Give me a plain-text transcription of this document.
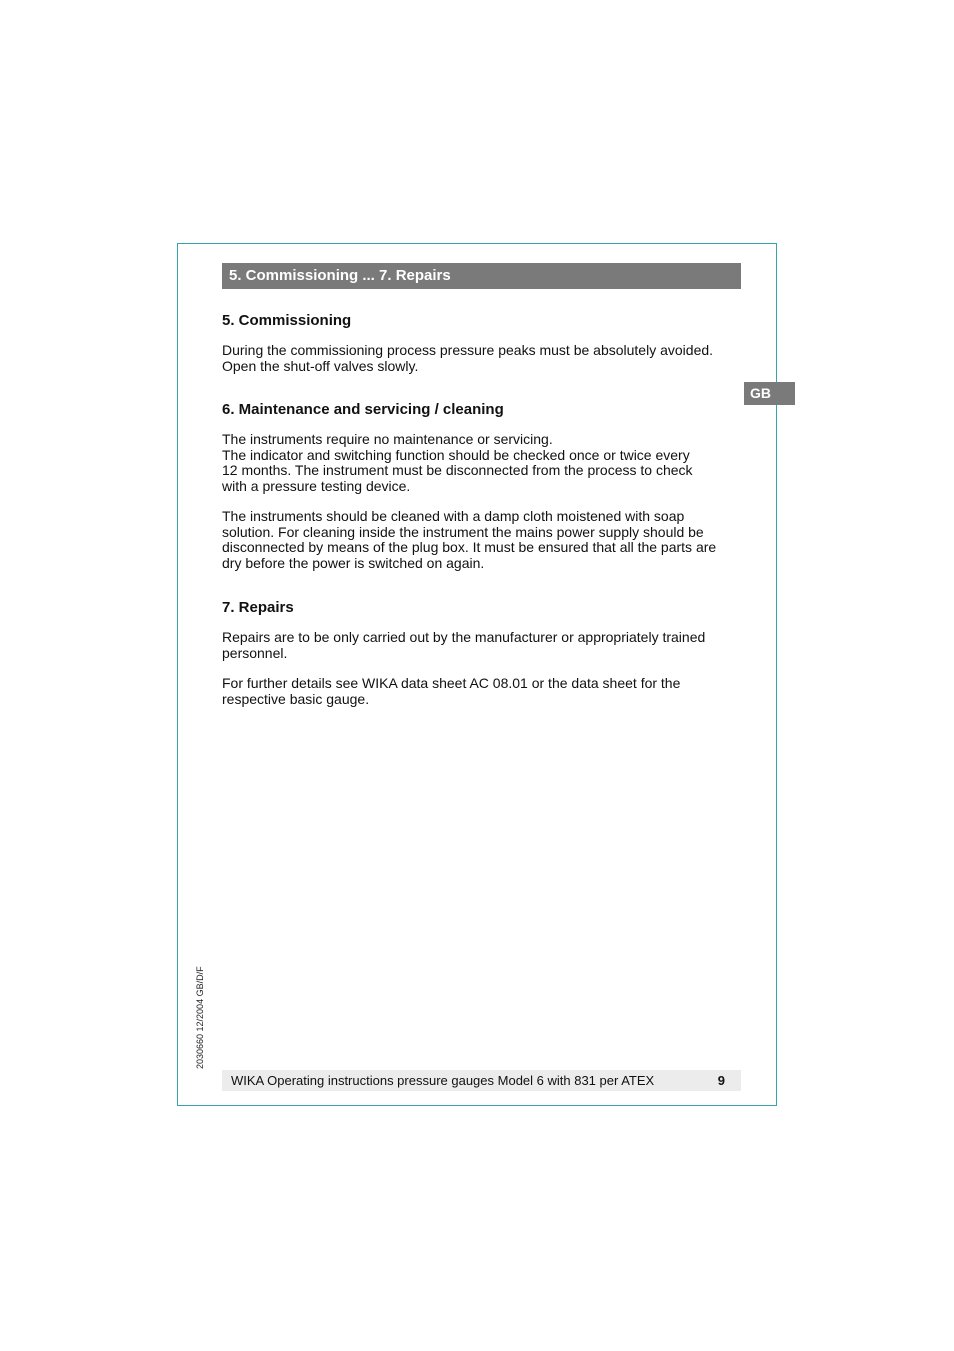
5. Commissioning ... 7. Repairs
GB
5. Commissioning

During the commissioning process pressure peaks must be absolutely avoided.
Open the shut-off valves slowly.

6. Maintenance and servicing / cleaning

The instruments require no maintenance or servicing.
The indicator and switching function should be checked once or twice every
12 months. The instrument must be disconnected from the process to check
with a pressure testing device.

The instruments should be cleaned with a damp cloth moistened with soap
solution. For cleaning inside the instrument the mains power supply should be
disconnected by means of the plug box. It must be ensured that all the parts are
dry before the power is switched on again.

7. Repairs

Repairs are to be only carried out by the manufacturer or appropriately trained
personnel.

For further details see WIKA data sheet AC 08.01 or the data sheet for the
respective basic gauge.

2030660 12/2004 GB/D/F
WIKA Operating instructions pressure gauges Model 6 with 831 per ATEX	9
